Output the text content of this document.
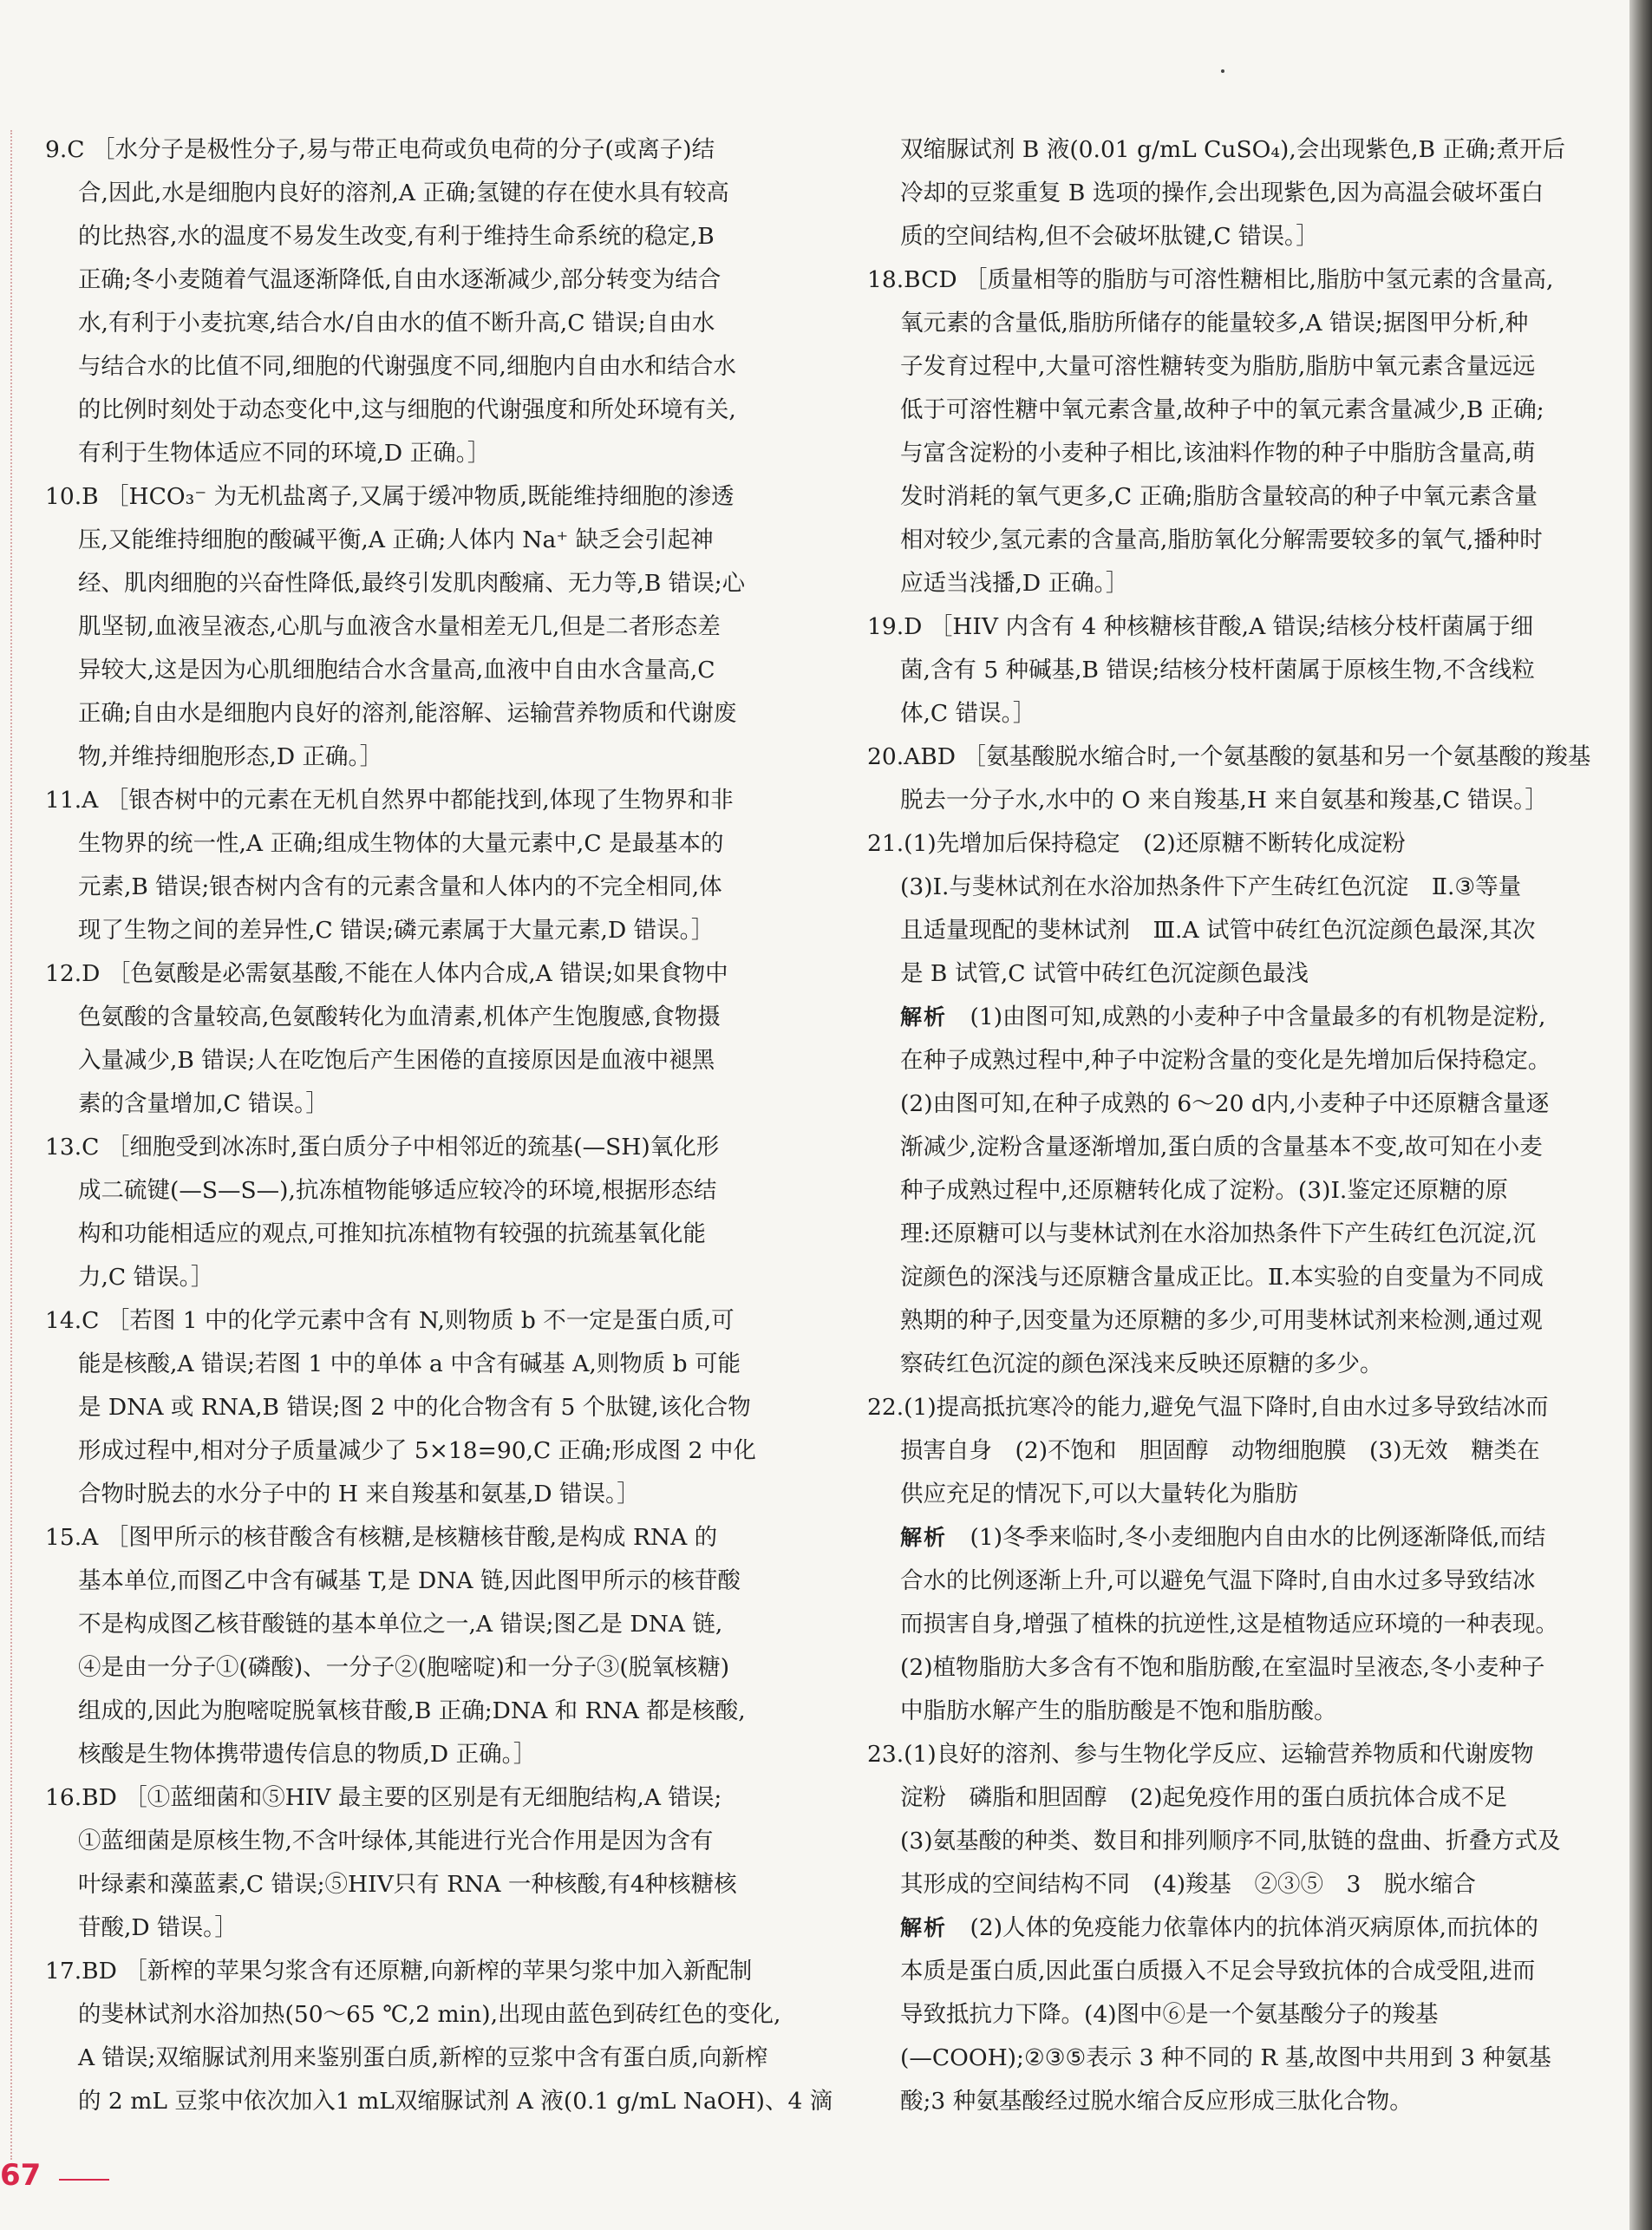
9.C ［水分子是极性分子,易与带正电荷或负电荷的分子(或离子)结
合,因此,水是细胞内良好的溶剂,A 正确;氢键的存在使水具有较高
的比热容,水的温度不易发生改变,有利于维持生命系统的稳定,B
正确;冬小麦随着气温逐渐降低,自由水逐渐减少,部分转变为结合
水,有利于小麦抗寒,结合水/自由水的值不断升高,C 错误;自由水
与结合水的比值不同,细胞的代谢强度不同,细胞内自由水和结合水
的比例时刻处于动态变化中,这与细胞的代谢强度和所处环境有关,
有利于生物体适应不同的环境,D 正确。］
10.B ［HCO₃⁻ 为无机盐离子,又属于缓冲物质,既能维持细胞的渗透
压,又能维持细胞的酸碱平衡,A 正确;人体内 Na⁺ 缺乏会引起神
经、肌肉细胞的兴奋性降低,最终引发肌肉酸痛、无力等,B 错误;心
肌坚韧,血液呈液态,心肌与血液含水量相差无几,但是二者形态差
异较大,这是因为心肌细胞结合水含量高,血液中自由水含量高,C
正确;自由水是细胞内良好的溶剂,能溶解、运输营养物质和代谢废
物,并维持细胞形态,D 正确。］
11.A ［银杏树中的元素在无机自然界中都能找到,体现了生物界和非
生物界的统一性,A 正确;组成生物体的大量元素中,C 是最基本的
元素,B 错误;银杏树内含有的元素含量和人体内的不完全相同,体
现了生物之间的差异性,C 错误;磷元素属于大量元素,D 错误。］
12.D ［色氨酸是必需氨基酸,不能在人体内合成,A 错误;如果食物中
色氨酸的含量较高,色氨酸转化为血清素,机体产生饱腹感,食物摄
入量减少,B 错误;人在吃饱后产生困倦的直接原因是血液中褪黑
素的含量增加,C 错误。］
13.C ［细胞受到冰冻时,蛋白质分子中相邻近的巯基(—SH)氧化形
成二硫键(—S—S—),抗冻植物能够适应较冷的环境,根据形态结
构和功能相适应的观点,可推知抗冻植物有较强的抗巯基氧化能
力,C 错误。］
14.C ［若图 1 中的化学元素中含有 N,则物质 b 不一定是蛋白质,可
能是核酸,A 错误;若图 1 中的单体 a 中含有碱基 A,则物质 b 可能
是 DNA 或 RNA,B 错误;图 2 中的化合物含有 5 个肽键,该化合物
形成过程中,相对分子质量减少了 5×18=90,C 正确;形成图 2 中化
合物时脱去的水分子中的 H 来自羧基和氨基,D 错误。］
15.A ［图甲所示的核苷酸含有核糖,是核糖核苷酸,是构成 RNA 的
基本单位,而图乙中含有碱基 T,是 DNA 链,因此图甲所示的核苷酸
不是构成图乙核苷酸链的基本单位之一,A 错误;图乙是 DNA 链,
④是由一分子①(磷酸)、一分子②(胞嘧啶)和一分子③(脱氧核糖)
组成的,因此为胞嘧啶脱氧核苷酸,B 正确;DNA 和 RNA 都是核酸,
核酸是生物体携带遗传信息的物质,D 正确。］
16.BD ［①蓝细菌和⑤HIV 最主要的区别是有无细胞结构,A 错误;
①蓝细菌是原核生物,不含叶绿体,其能进行光合作用是因为含有
叶绿素和藻蓝素,C 错误;⑤HIV只有 RNA 一种核酸,有4种核糖核
苷酸,D 错误。］
17.BD ［新榨的苹果匀浆含有还原糖,向新榨的苹果匀浆中加入新配制
的斐林试剂水浴加热(50～65 ℃,2 min),出现由蓝色到砖红色的变化,
A 错误;双缩脲试剂用来鉴别蛋白质,新榨的豆浆中含有蛋白质,向新榨
的 2 mL 豆浆中依次加入1 mL双缩脲试剂 A 液(0.1 g/mL NaOH)、4 滴
双缩脲试剂 B 液(0.01 g/mL CuSO₄),会出现紫色,B 正确;煮开后
冷却的豆浆重复 B 选项的操作,会出现紫色,因为高温会破坏蛋白
质的空间结构,但不会破坏肽键,C 错误。］
18.BCD ［质量相等的脂肪与可溶性糖相比,脂肪中氢元素的含量高,
氧元素的含量低,脂肪所储存的能量较多,A 错误;据图甲分析,种
子发育过程中,大量可溶性糖转变为脂肪,脂肪中氧元素含量远远
低于可溶性糖中氧元素含量,故种子中的氧元素含量减少,B 正确;
与富含淀粉的小麦种子相比,该油料作物的种子中脂肪含量高,萌
发时消耗的氧气更多,C 正确;脂肪含量较高的种子中氧元素含量
相对较少,氢元素的含量高,脂肪氧化分解需要较多的氧气,播种时
应适当浅播,D 正确。］
19.D ［HIV 内含有 4 种核糖核苷酸,A 错误;结核分枝杆菌属于细
菌,含有 5 种碱基,B 错误;结核分枝杆菌属于原核生物,不含线粒
体,C 错误。］
20.ABD ［氨基酸脱水缩合时,一个氨基酸的氨基和另一个氨基酸的羧基
脱去一分子水,水中的 O 来自羧基,H 来自氨基和羧基,C 错误。］
21.(1)先增加后保持稳定　(2)还原糖不断转化成淀粉
(3)Ⅰ.与斐林试剂在水浴加热条件下产生砖红色沉淀　Ⅱ.③等量
且适量现配的斐林试剂　Ⅲ.A 试管中砖红色沉淀颜色最深,其次
是 B 试管,C 试管中砖红色沉淀颜色最浅
解析　 (1)由图可知,成熟的小麦种子中含量最多的有机物是淀粉,
在种子成熟过程中,种子中淀粉含量的变化是先增加后保持稳定。
(2)由图可知,在种子成熟的 6～20 d内,小麦种子中还原糖含量逐
渐减少,淀粉含量逐渐增加,蛋白质的含量基本不变,故可知在小麦
种子成熟过程中,还原糖转化成了淀粉。(3)Ⅰ.鉴定还原糖的原
理:还原糖可以与斐林试剂在水浴加热条件下产生砖红色沉淀,沉
淀颜色的深浅与还原糖含量成正比。Ⅱ.本实验的自变量为不同成
熟期的种子,因变量为还原糖的多少,可用斐林试剂来检测,通过观
察砖红色沉淀的颜色深浅来反映还原糖的多少。
22.(1)提高抵抗寒冷的能力,避免气温下降时,自由水过多导致结冰而
损害自身　(2)不饱和　胆固醇　动物细胞膜　(3)无效　糖类在
供应充足的情况下,可以大量转化为脂肪
解析　 (1)冬季来临时,冬小麦细胞内自由水的比例逐渐降低,而结
合水的比例逐渐上升,可以避免气温下降时,自由水过多导致结冰
而损害自身,增强了植株的抗逆性,这是植物适应环境的一种表现。
(2)植物脂肪大多含有不饱和脂肪酸,在室温时呈液态,冬小麦种子
中脂肪水解产生的脂肪酸是不饱和脂肪酸。
23.(1)良好的溶剂、参与生物化学反应、运输营养物质和代谢废物
淀粉　磷脂和胆固醇　(2)起免疫作用的蛋白质抗体合成不足
(3)氨基酸的种类、数目和排列顺序不同,肽链的盘曲、折叠方式及
其形成的空间结构不同　(4)羧基　②③⑤　3　脱水缩合
解析　 (2)人体的免疫能力依靠体内的抗体消灭病原体,而抗体的
本质是蛋白质,因此蛋白质摄入不足会导致抗体的合成受阻,进而
导致抵抗力下降。(4)图中⑥是一个氨基酸分子的羧基
(—COOH);②③⑤表示 3 种不同的 R 基,故图中共用到 3 种氨基
酸;3 种氨基酸经过脱水缩合反应形成三肽化合物。
67
